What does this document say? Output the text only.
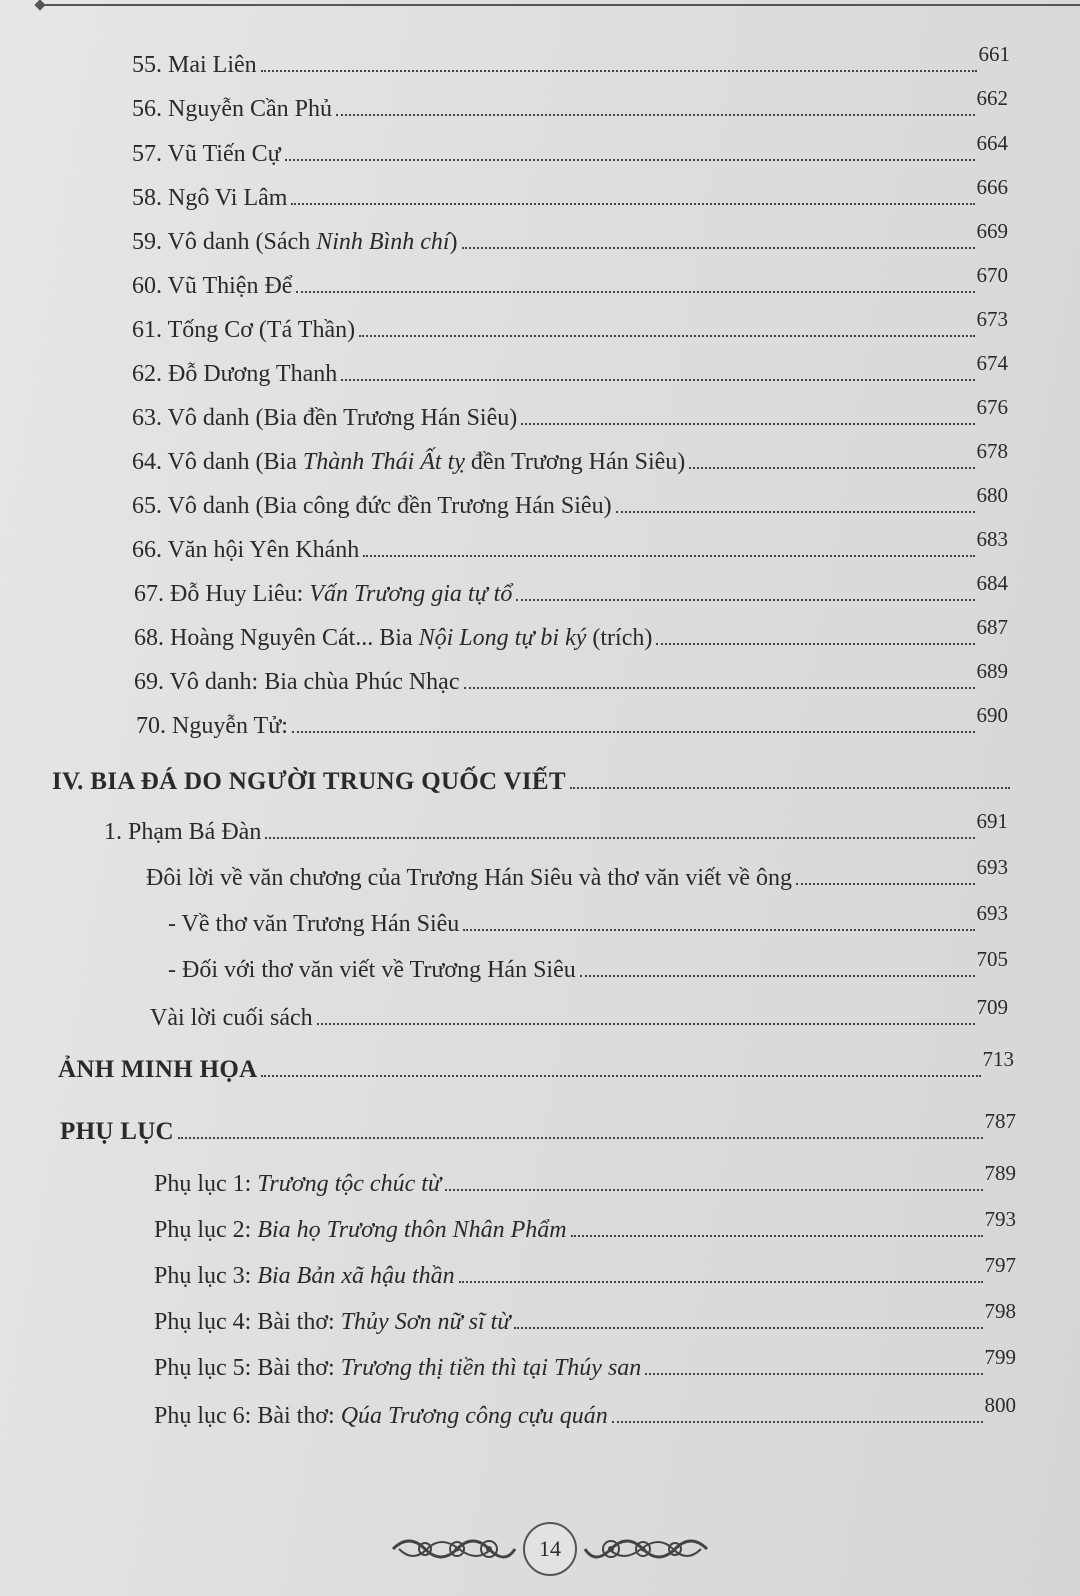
55. Mai Liên	661
56. Nguyễn Cần Phủ	662
57. Vũ Tiến Cự	664
58. Ngô Vi Lâm	666
59. Vô danh (Sách Ninh Bình chí)	669
60. Vũ Thiện Để	670
61. Tống Cơ (Tá Thần)	673
62. Đỗ Dương Thanh	674
63. Vô danh (Bia đền Trương Hán Siêu)	676
64. Vô danh (Bia Thành Thái Ất tỵ đền Trương Hán Siêu)	678
65. Vô danh (Bia công đức đền Trương Hán Siêu)	680
66. Văn hội Yên Khánh	683
67. Đỗ Huy Liêu: Vấn Trương gia tự tổ	684
68. Hoàng Nguyên Cát... Bia Nội Long tự bi ký (trích)	687
69. Vô danh: Bia chùa Phúc Nhạc	689
70. Nguyễn Tử:	690
IV. BIA ĐÁ DO NGƯỜI TRUNG QUỐC VIẾT
1. Phạm Bá Đàn	691
Đôi lời về văn chương của Trương Hán Siêu và thơ văn viết về ông	693
- Về thơ văn Trương Hán Siêu	693
- Đối với thơ văn viết về Trương Hán Siêu	705
Vài lời cuối sách	709
ẢNH MINH HỌA	713
PHỤ LỤC	787
Phụ lục 1: Trương tộc chúc từ	789
Phụ lục 2: Bia họ Trương thôn Nhân Phẩm	793
Phụ lục 3: Bia Bản xã hậu thần	797
Phụ lục 4: Bài thơ: Thủy Sơn nữ sĩ từ	798
Phụ lục 5: Bài thơ: Trương thị tiền thì tại Thúy san	799
Phụ lục 6: Bài thơ: Qúa Trương công cựu quán	800
14
